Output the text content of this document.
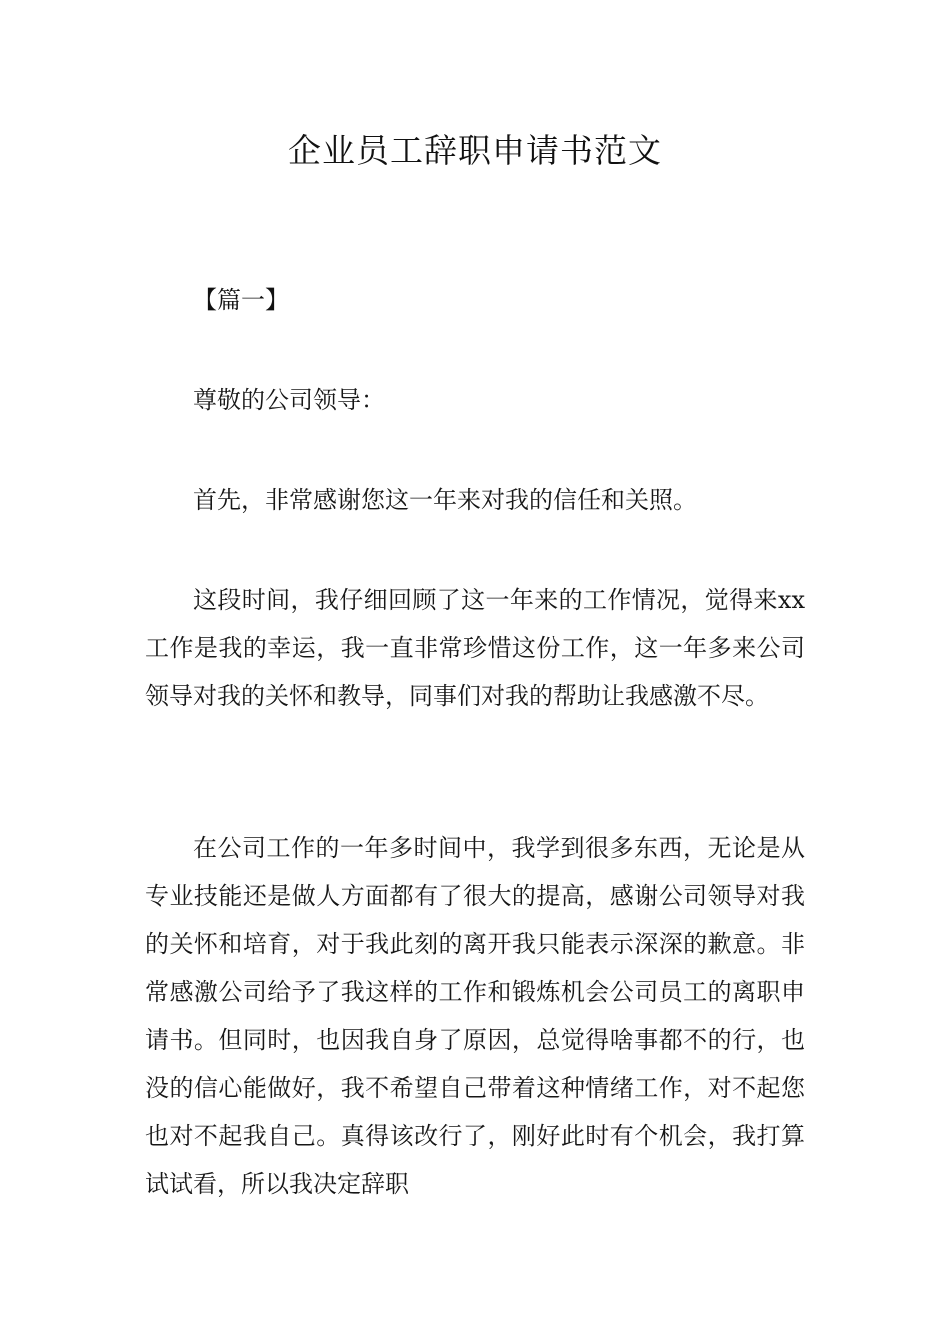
企业员工辞职申请书范文
【篇一】

尊敬的公司领导：

首先，非常感谢您这一年来对我的信任和关照。

这段时间，我仔细回顾了这一年来的工作情况，觉得来xx工作是我的幸运，我一直非常珍惜这份工作，这一年多来公司领导对我的关怀和教导，同事们对我的帮助让我感激不尽。

在公司工作的一年多时间中，我学到很多东西，无论是从专业技能还是做人方面都有了很大的提高，感谢公司领导对我的关怀和培育，对于我此刻的离开我只能表示深深的歉意。非常感激公司给予了我这样的工作和锻炼机会公司员工的离职申请书。但同时，也因我自身了原因，总觉得啥事都不的行，也没的信心能做好，我不希望自己带着这种情绪工作，对不起您也对不起我自己。真得该改行了，刚好此时有个机会，我打算试试看，所以我决定辞职
